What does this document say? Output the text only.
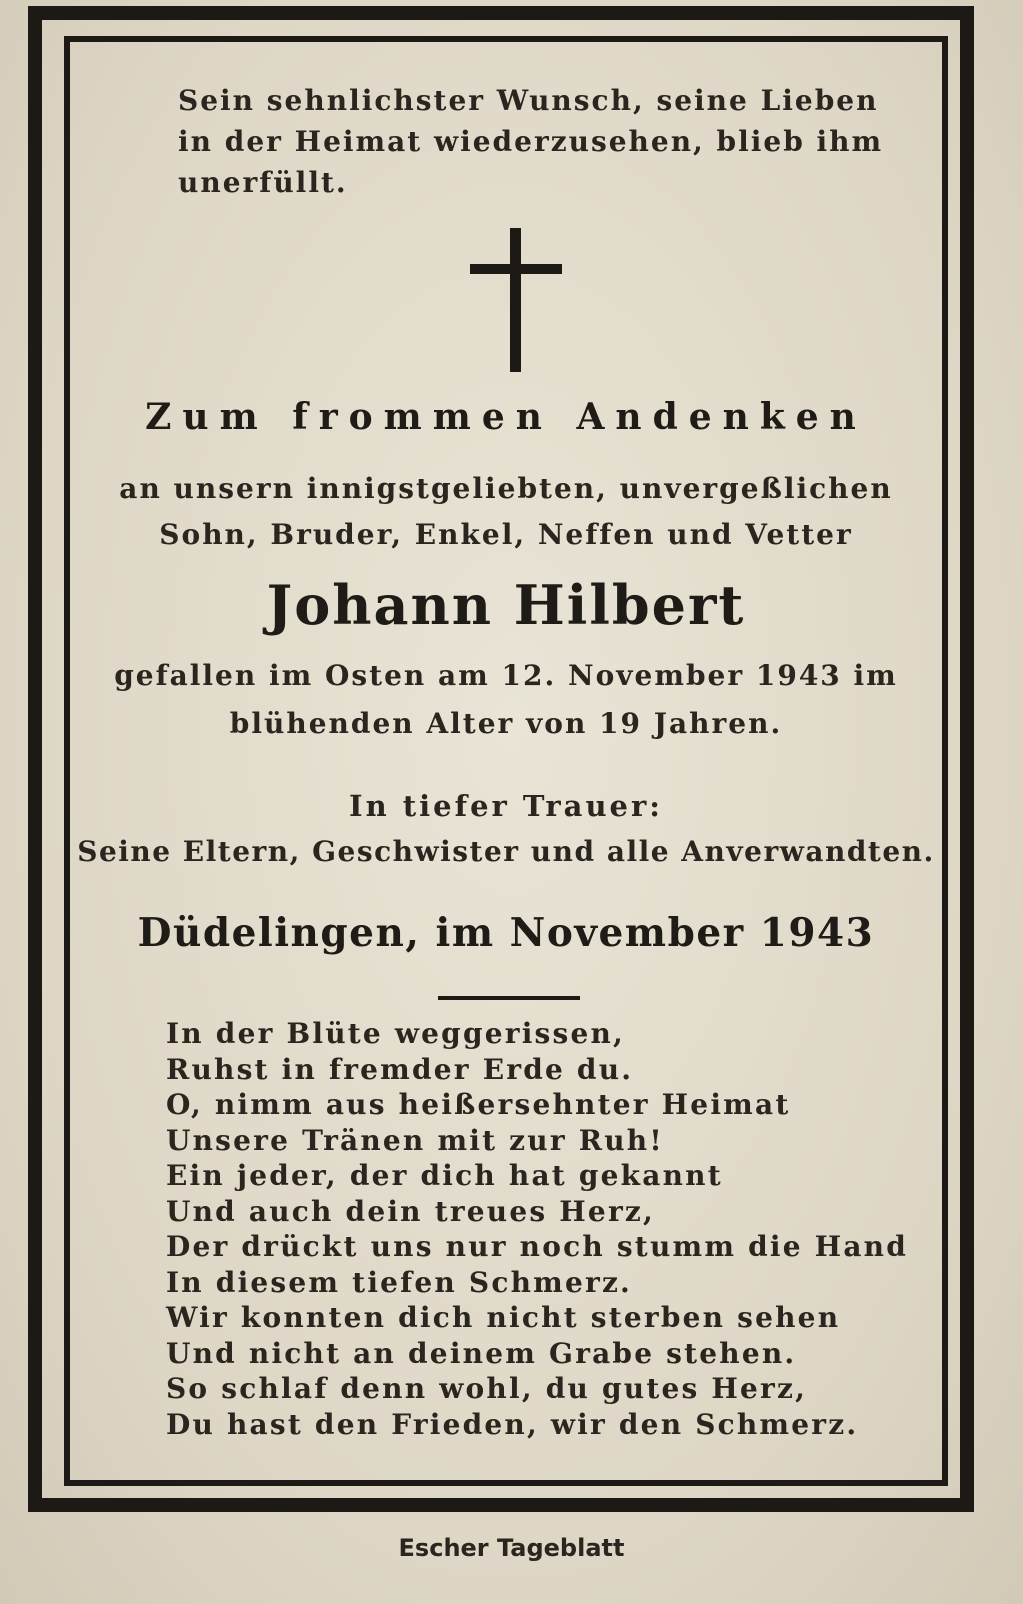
Sein sehnlichster Wunsch, seine Lieben
in der Heimat wiederzusehen, blieb ihm
unerfüllt.
Zum frommen Andenken
an unsern innigstgeliebten, unvergeßlichen
Sohn, Bruder, Enkel, Neffen und Vetter
Johann Hilbert
gefallen im Osten am 12. November 1943 im
blühenden Alter von 19 Jahren.
In tiefer Trauer:
Seine Eltern, Geschwister und alle Anverwandten.
Düdelingen, im November 1943
In der Blüte weggerissen,
Ruhst in fremder Erde du.
O, nimm aus heißersehnter Heimat
Unsere Tränen mit zur Ruh!
Ein jeder, der dich hat gekannt
Und auch dein treues Herz,
Der drückt uns nur noch stumm die Hand
In diesem tiefen Schmerz.
Wir konnten dich nicht sterben sehen
Und nicht an deinem Grabe stehen.
So schlaf denn wohl, du gutes Herz,
Du hast den Frieden, wir den Schmerz.
Escher Tageblatt
